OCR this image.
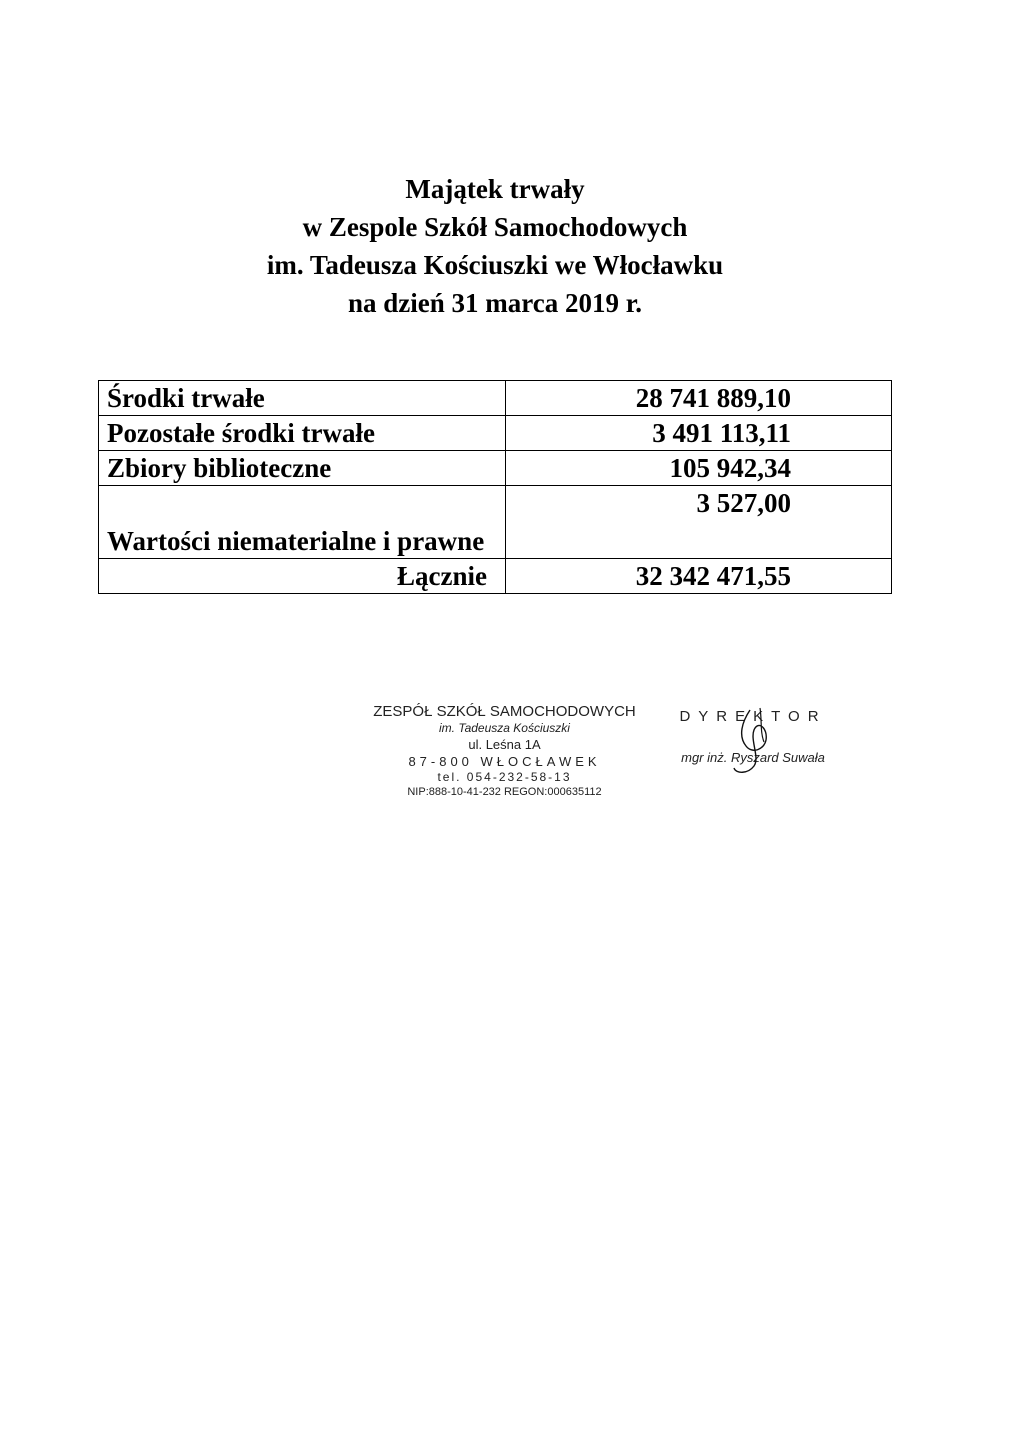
Majątek trwały
w Zespole Szkół Samochodowych
im. Tadeusza Kościuszki we Włocławku
na dzień 31 marca 2019 r.
Środki trwałe	28 741 889,10
Pozostałe środki trwałe	3 491 113,11
Zbiory biblioteczne	105 942,34
Wartości niematerialne i prawne	3 527,00
Łącznie	32 342 471,55
ZESPÓŁ SZKÓŁ SAMOCHODOWYCH
im. Tadeusza Kościuszki
ul. Leśna 1A
87-800 WŁOCŁAWEK
tel. 054-232-58-13
NIP:888-10-41-232 REGON:000635112
DYREKTOR
mgr inż. Ryszard Suwała
